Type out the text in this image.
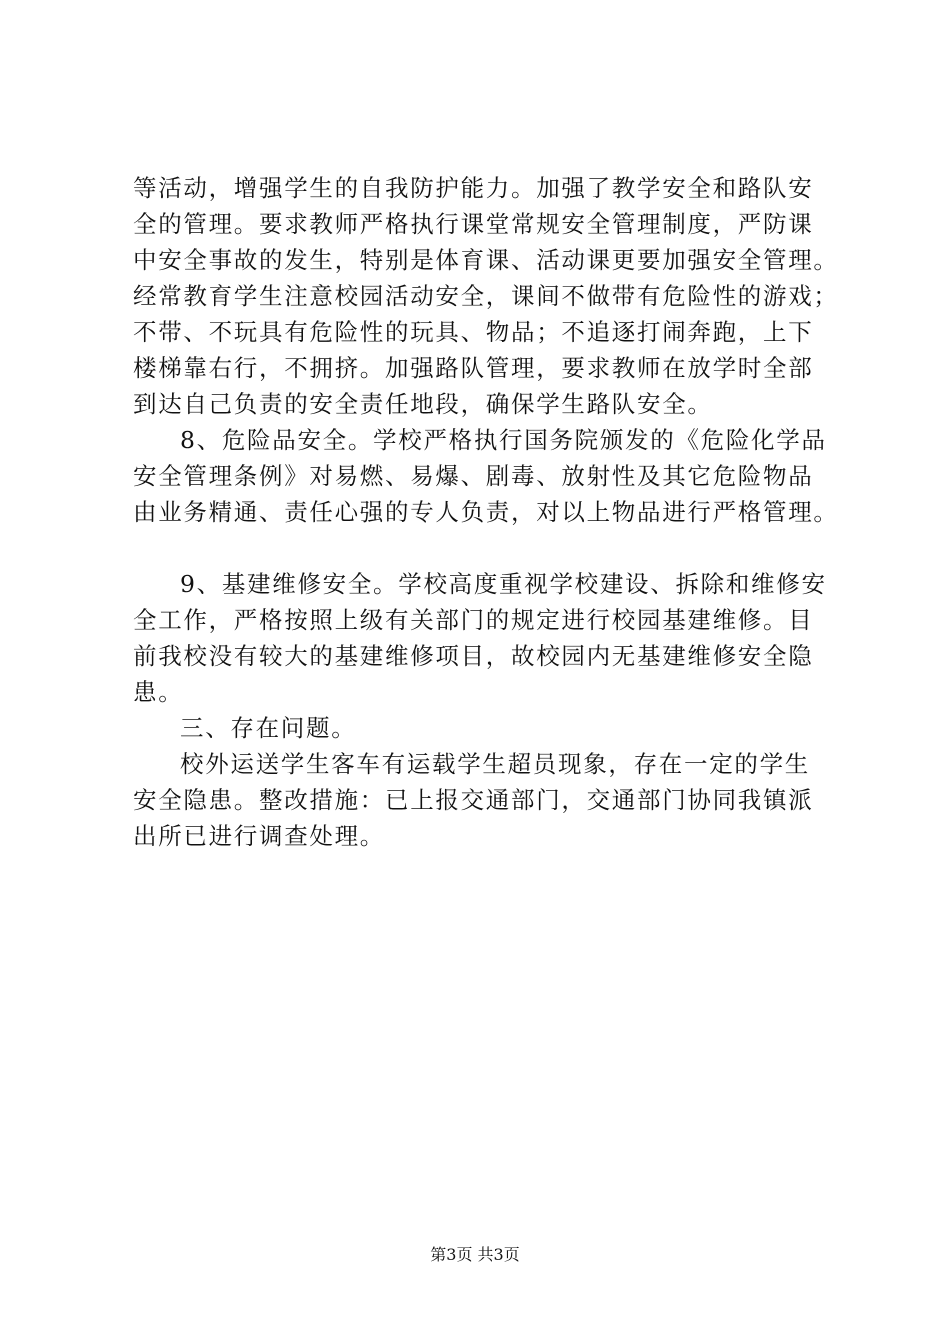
等活动，增强学生的自我防护能力。加强了教学安全和路队安
全的管理。要求教师严格执行课堂常规安全管理制度，严防课
中安全事故的发生，特别是体育课、活动课更要加强安全管理。
经常教育学生注意校园活动安全，课间不做带有危险性的游戏；
不带、不玩具有危险性的玩具、物品；不追逐打闹奔跑，上下
楼梯靠右行，不拥挤。加强路队管理，要求教师在放学时全部
到达自己负责的安全责任地段，确保学生路队安全。
8、危险品安全。学校严格执行国务院颁发的《危险化学品
安全管理条例》对易燃、易爆、剧毒、放射性及其它危险物品
由业务精通、责任心强的专人负责，对以上物品进行严格管理。
9、基建维修安全。学校高度重视学校建设、拆除和维修安
全工作，严格按照上级有关部门的规定进行校园基建维修。目
前我校没有较大的基建维修项目，故校园内无基建维修安全隐
患。
三、存在问题。
校外运送学生客车有运载学生超员现象，存在一定的学生
安全隐患。整改措施：已上报交通部门，交通部门协同我镇派
出所已进行调查处理。
第3页 共3页
